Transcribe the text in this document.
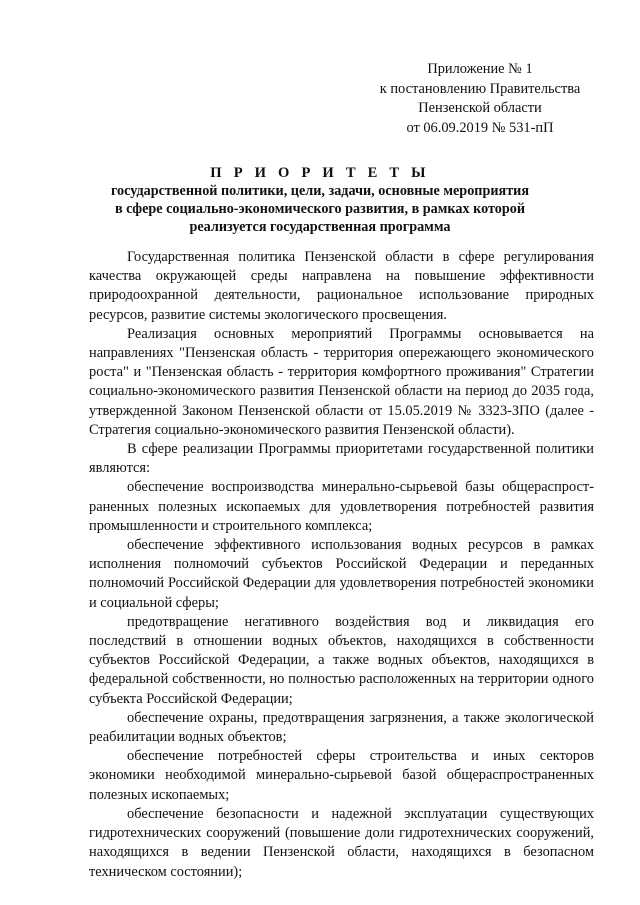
Приложение № 1
к постановлению Правительства
Пензенской области
от 06.09.2019 № 531-пП
П Р И О Р И Т Е Т Ы
государственной политики, цели, задачи, основные мероприятия
в сфере социально-экономического развития, в рамках которой
реализуется государственная программа

Государственная политика Пензенской области в сфере регулирования качества окружающей среды направлена на повышение эффективности природоохранной деятельности, рациональное использование природных ресурсов, развитие системы экологического просвещения.

Реализация основных мероприятий Программы основывается на направлениях "Пензенская область - территория опережающего экономического роста" и "Пензенская область - территория комфортного проживания" Стратегии социально-экономического развития Пензенской области на период до 2035 года, утвержденной Законом Пензенской области от 15.05.2019 № 3323-ЗПО (далее - Стратегия социально-экономического развития Пензенской области).

В сфере реализации Программы приоритетами государственной политики являются:

обеспечение воспроизводства минерально-сырьевой базы общераспрост-раненных полезных ископаемых для удовлетворения потребностей развития промышленности и строительного комплекса;

обеспечение эффективного использования водных ресурсов в рамках исполнения полномочий субъектов Российской Федерации и переданных полномочий Российской Федерации для удовлетворения потребностей экономики и социальной сферы;

предотвращение негативного воздействия вод и ликвидация его последствий в отношении водных объектов, находящихся в собственности субъектов Российской Федерации, а также водных объектов, находящихся в федеральной собственности, но полностью расположенных на территории одного субъекта Российской Федерации;

обеспечение охраны, предотвращения загрязнения, а также экологической реабилитации водных объектов;

обеспечение потребностей сферы строительства и иных секторов экономики необходимой минерально-сырьевой базой общераспространенных полезных ископаемых;

обеспечение безопасности и надежной эксплуатации существующих гидротехнических сооружений (повышение доли гидротехнических сооружений, находящихся в ведении Пензенской области, находящихся в безопасном техническом состоянии);
